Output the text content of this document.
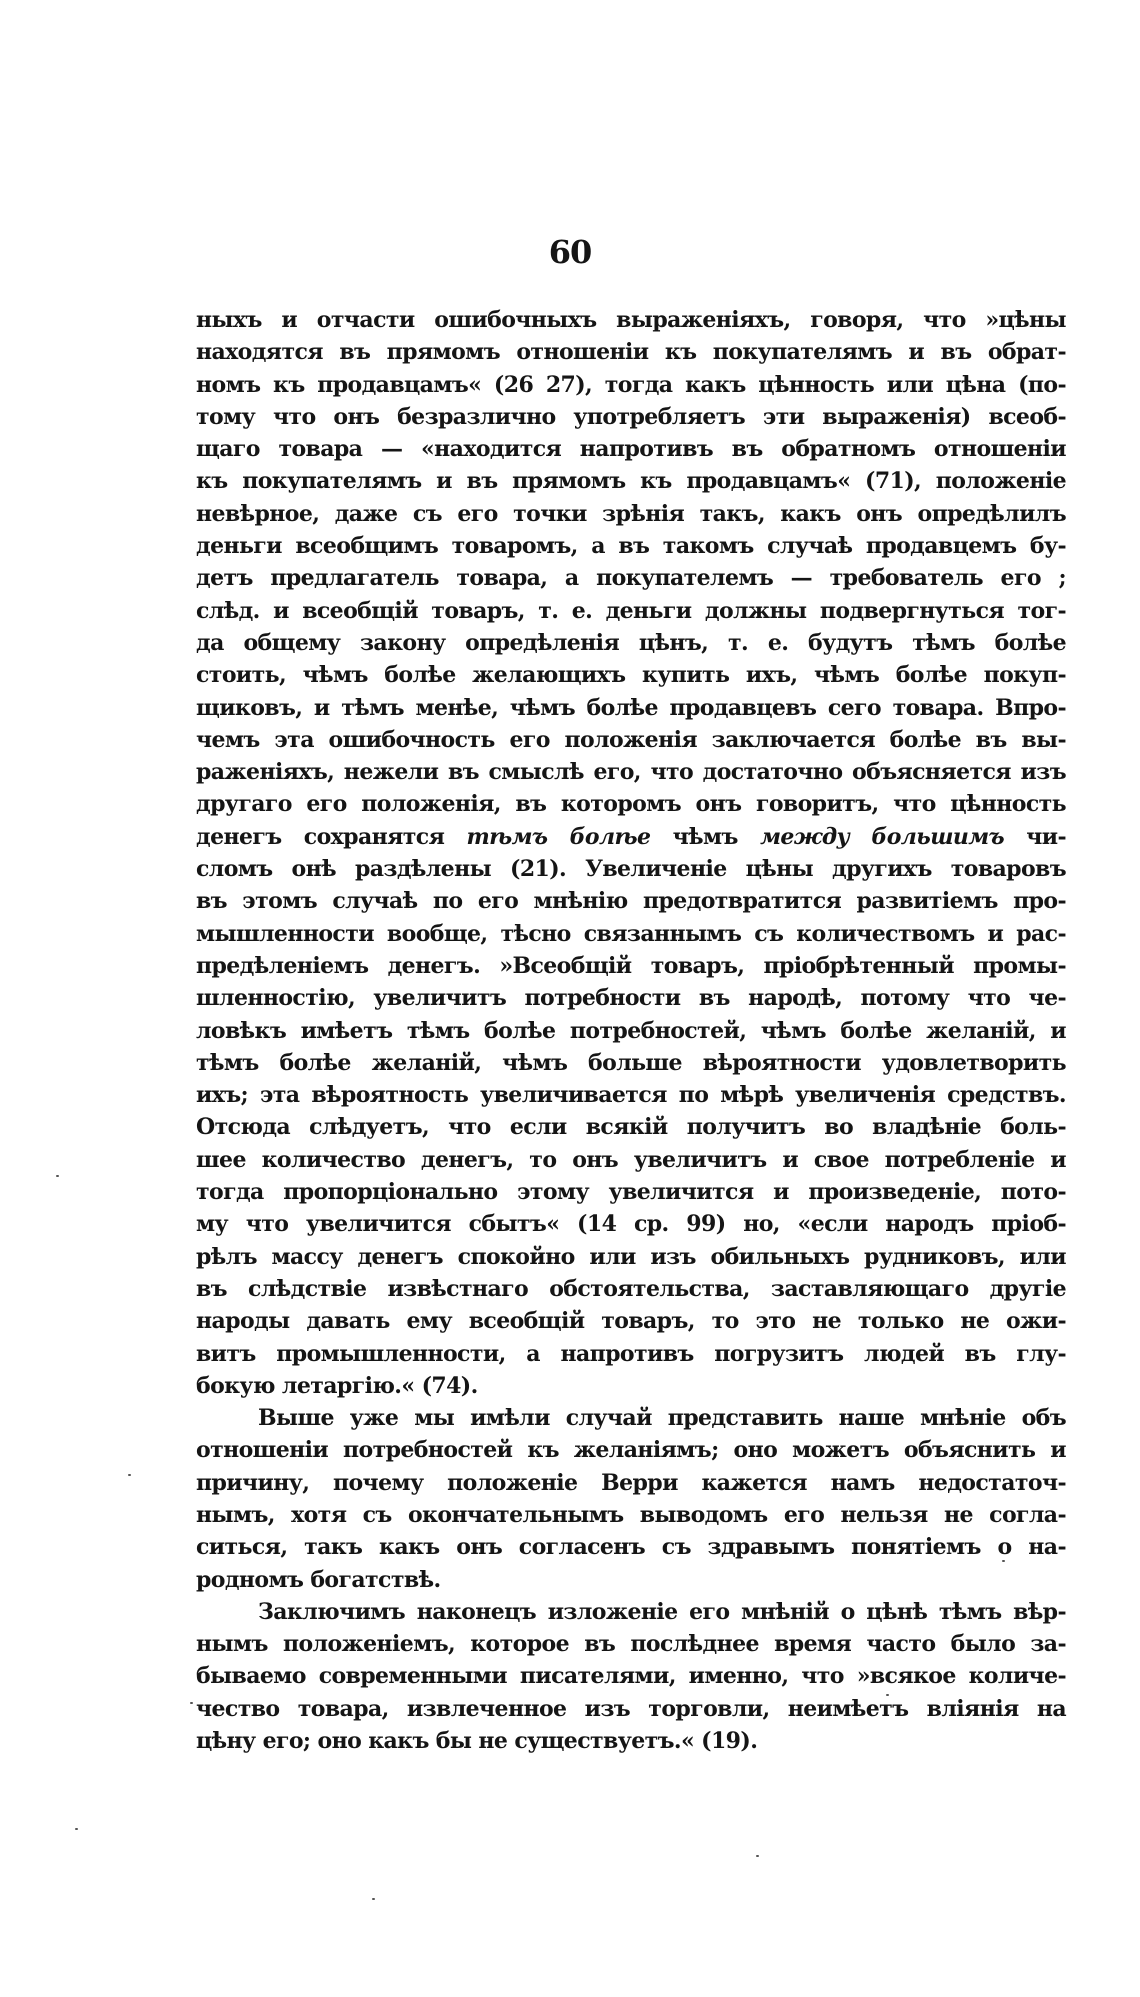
60
ныхъ и отчасти ошибочныхъ выраженiяхъ, говоря, что »цѣны
находятся въ прямомъ отношенiи къ покупателямъ и въ обрат-
номъ къ продавцамъ« (26 27), тогда какъ цѣнность или цѣна (по-
тому что онъ безразлично употребляетъ эти выраженiя) всеоб-
щаго товара — «находится напротивъ въ обратномъ отношенiи
къ покупателямъ и въ прямомъ къ продавцамъ« (71), положенiе
невѣрное, даже съ его точки зрѣнiя такъ, какъ онъ опредѣлилъ
деньги всеобщимъ товаромъ, а въ такомъ случаѣ продавцемъ бу-
детъ предлагатель товара, а покупателемъ — требователь его ;
слѣд. и всеобщiй товаръ, т. е. деньги должны подвергнуться тог-
да общему закону опредѣленiя цѣнъ, т. е. будутъ тѣмъ болѣе
стоить, чѣмъ болѣе желающихъ купить ихъ, чѣмъ болѣе покуп-
щиковъ, и тѣмъ менѣе, чѣмъ болѣе продавцевъ сего товара. Впро-
чемъ эта ошибочность его положенiя заключается болѣе въ вы-
раженiяхъ, нежели въ смыслѣ его, что достаточно объясняется изъ
другаго его положенiя, въ которомъ онъ говоритъ, что цѣнность
денегъ сохранятся тѣмъ болѣе чѣмъ между большимъ чи-
сломъ онѣ раздѣлены (21). Увеличенiе цѣны другихъ товаровъ
въ этомъ случаѣ по его мнѣнiю предотвратится развитiемъ про-
мышленности вообще, тѣсно связаннымъ съ количествомъ и рас-
предѣленiемъ денегъ. »Всеобщiй товаръ, прiобрѣтенный промы-
шленностiю, увеличитъ потребности въ народѣ, потому что че-
ловѣкъ имѣетъ тѣмъ болѣе потребностей, чѣмъ болѣе желанiй, и
тѣмъ болѣе желанiй, чѣмъ больше вѣроятности удовлетворить
ихъ; эта вѣроятность увеличивается по мѣрѣ увеличенiя средствъ.
Отсюда слѣдуетъ, что если всякiй получитъ во владѣнiе боль-
шее количество денегъ, то онъ увеличитъ и свое потребленiе и
тогда пропорцiонально этому увеличится и произведенiе, пото-
му что увеличится сбытъ« (14 ср. 99) но, «если народъ прiоб-
рѣлъ массу денегъ спокойно или изъ обильныхъ рудниковъ, или
въ слѣдствiе извѣстнаго обстоятельства, заставляющаго другiе
народы давать ему всеобщiй товаръ, то это не только не ожи-
витъ промышленности, а напротивъ погрузитъ людей въ глу-
бокую летаргiю.« (74).
Выше уже мы имѣли случай представить наше мнѣнiе объ
отношенiи потребностей къ желанiямъ; оно можетъ объяснить и
причину, почему положенiе Верри кажется намъ недостаточ-
нымъ, хотя съ окончательнымъ выводомъ его нельзя не согла-
ситься, такъ какъ онъ согласенъ съ здравымъ понятiемъ о на-
родномъ богатствѣ.
Заключимъ наконецъ изложенiе его мнѣнiй о цѣнѣ тѣмъ вѣр-
нымъ положенiемъ, которое въ послѣднее время часто было за-
бываемо современными писателями, именно, что »всякое количе-
чество товара, извлеченное изъ торговли, неимѣетъ влiянiя на
цѣну его; оно какъ бы не существуетъ.« (19).
